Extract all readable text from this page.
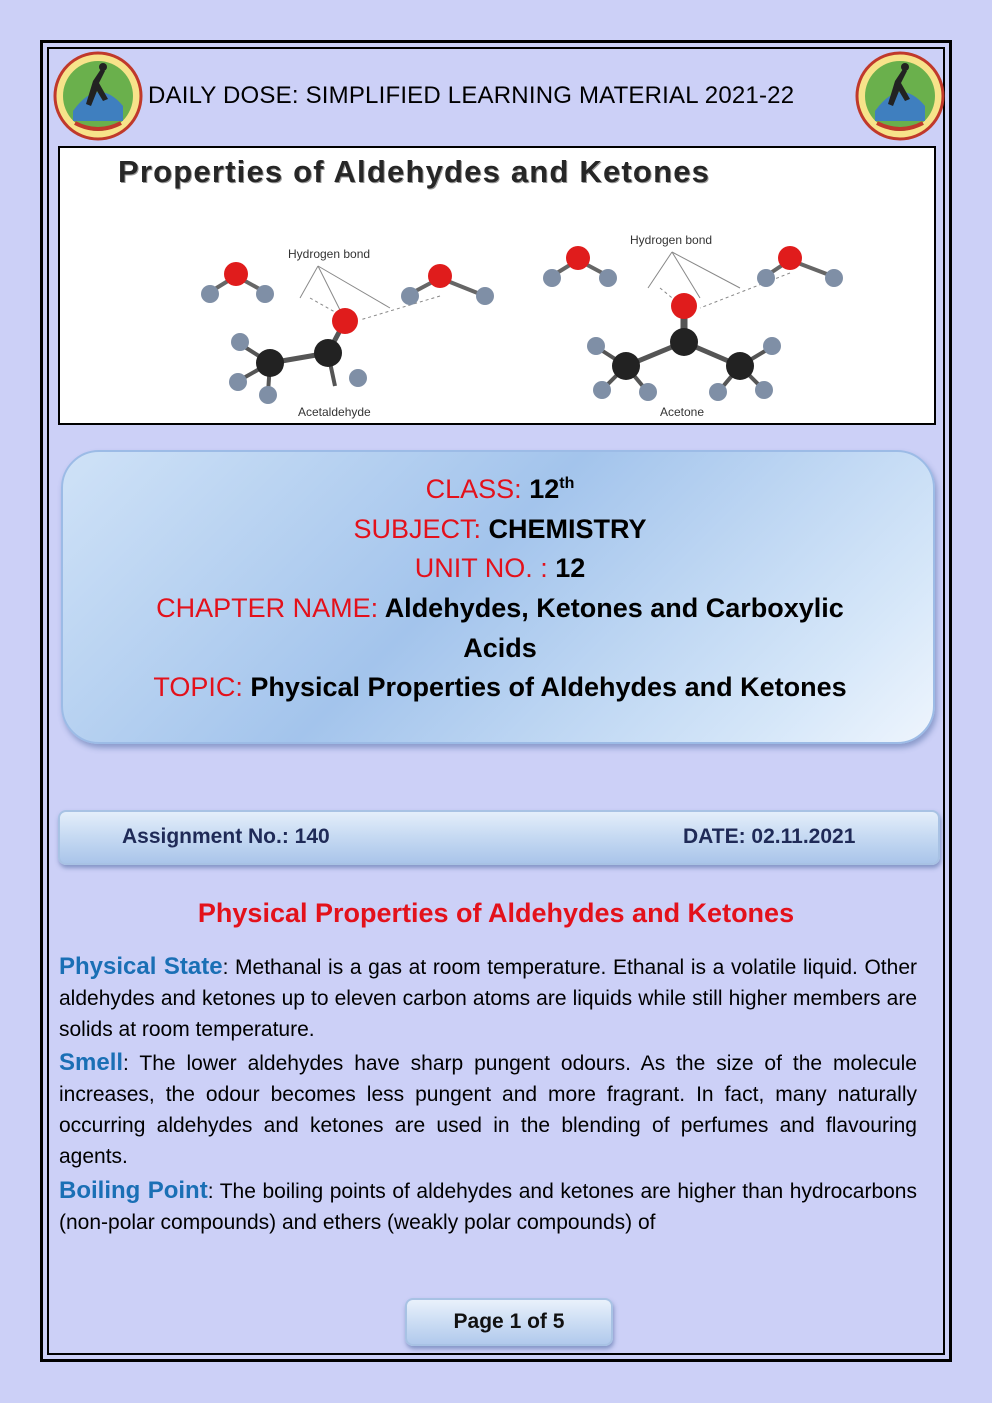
DAILY DOSE: SIMPLIFIED LEARNING MATERIAL 2021-22
Properties of Aldehydes and Ketones
Hydrogen bond
Acetaldehyde
Hydrogen bond
Acetone
CLASS: 12th
SUBJECT: CHEMISTRY
UNIT NO. : 12
CHAPTER NAME: Aldehydes, Ketones and Carboxylic
Acids
TOPIC: Physical Properties of Aldehydes and Ketones
Assignment No.: 140	DATE: 02.11.2021
Physical Properties of Aldehydes and Ketones
Physical State: Methanal is a gas at room temperature. Ethanal is a volatile liquid. Other aldehydes and ketones up to eleven carbon atoms are liquids while still higher members are solids at room temperature.
Smell: The lower aldehydes have sharp pungent odours. As the size of the molecule increases, the odour becomes less pungent and more fragrant. In fact, many naturally occurring aldehydes and ketones are used in the blending of perfumes and flavouring agents.
Boiling Point: The boiling points of aldehydes and ketones are higher than hydrocarbons (non-polar compounds) and ethers (weakly polar compounds) of
Page 1 of 5
